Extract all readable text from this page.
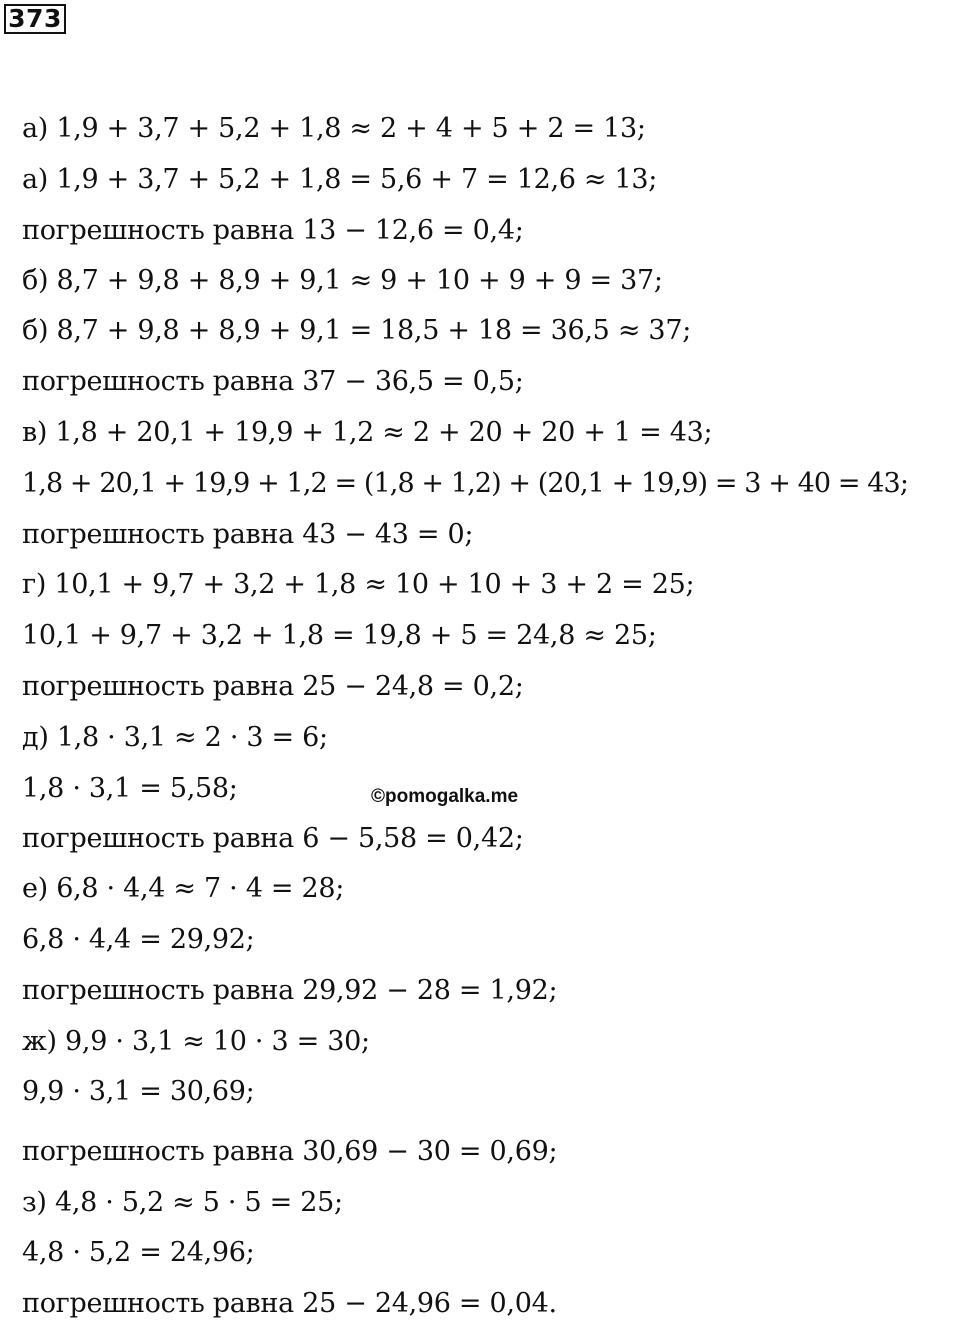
373
а) 1,9 + 3,7 + 5,2 + 1,8 ≈ 2 + 4 + 5 + 2 = 13;
а) 1,9 + 3,7 + 5,2 + 1,8 = 5,6 + 7 = 12,6 ≈ 13;
погрешность равна 13 − 12,6 = 0,4;
б) 8,7 + 9,8 + 8,9 + 9,1 ≈ 9 + 10 + 9 + 9 = 37;
б) 8,7 + 9,8 + 8,9 + 9,1 = 18,5 + 18 = 36,5 ≈ 37;
погрешность равна 37 − 36,5 = 0,5;
в) 1,8 + 20,1 + 19,9 + 1,2 ≈ 2 + 20 + 20 + 1 = 43;
1,8 + 20,1 + 19,9 + 1,2 = (1,8 + 1,2) + (20,1 + 19,9) = 3 + 40 = 43;
погрешность равна 43 − 43 = 0;
г) 10,1 + 9,7 + 3,2 + 1,8 ≈ 10 + 10 + 3 + 2 = 25;
10,1 + 9,7 + 3,2 + 1,8 = 19,8 + 5 = 24,8 ≈ 25;
погрешность равна 25 − 24,8 = 0,2;
д) 1,8 · 3,1 ≈ 2 · 3 = 6;
1,8 · 3,1 = 5,58;
погрешность равна 6 − 5,58 = 0,42;
е) 6,8 · 4,4 ≈ 7 · 4 = 28;
6,8 · 4,4 = 29,92;
погрешность равна 29,92 − 28 = 1,92;
ж) 9,9 · 3,1 ≈ 10 · 3 = 30;
9,9 · 3,1 = 30,69;
погрешность равна 30,69 − 30 = 0,69;
з) 4,8 · 5,2 ≈ 5 · 5 = 25;
4,8 · 5,2 = 24,96;
погрешность равна 25 − 24,96 = 0,04.
©pomogalka.me
